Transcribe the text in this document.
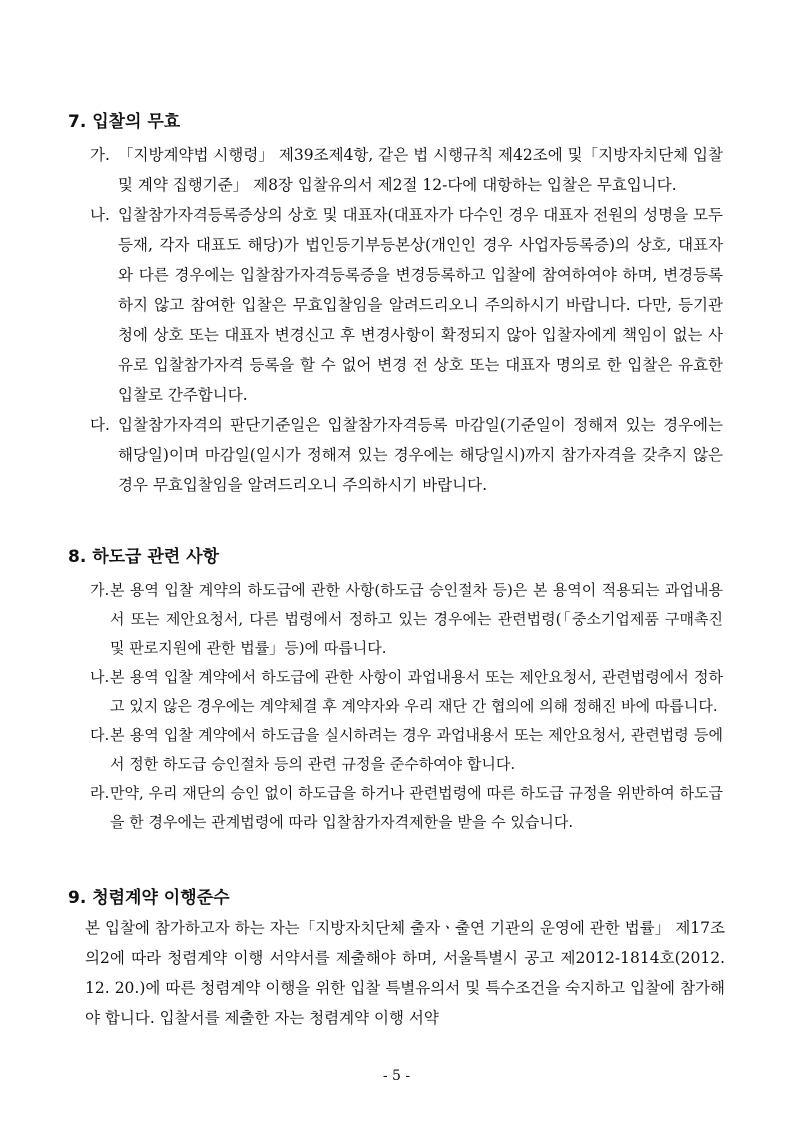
7. 입찰의 무효
가. 「지방계약법 시행령」 제39조제4항, 같은 법 시행규칙 제42조에 및「지방자치단체 입찰 및 계약 집행기준」 제8장 입찰유의서 제2절 12-다에 대항하는 입찰은 무효입니다.
나. 입찰참가자격등록증상의 상호 및 대표자(대표자가 다수인 경우 대표자 전원의 성명을 모두 등재, 각자 대표도 해당)가 법인등기부등본상(개인인 경우 사업자등록증)의 상호, 대표자와 다른 경우에는 입찰참가자격등록증을 변경등록하고 입찰에 참여하여야 하며, 변경등록하지 않고 참여한 입찰은 무효입찰임을 알려드리오니 주의하시기 바랍니다. 다만, 등기관청에 상호 또는 대표자 변경신고 후 변경사항이 확정되지 않아 입찰자에게 책임이 없는 사유로 입찰참가자격 등록을 할 수 없어 변경 전 상호 또는 대표자 명의로 한 입찰은 유효한 입찰로 간주합니다.
다. 입찰참가자격의 판단기준일은 입찰참가자격등록 마감일(기준일이 정해져 있는 경우에는 해당일)이며 마감일(일시가 정해져 있는 경우에는 해당일시)까지 참가자격을 갖추지 않은 경우 무효입찰임을 알려드리오니 주의하시기 바랍니다.
8. 하도급 관련 사항
가. 본 용역 입찰 계약의 하도급에 관한 사항(하도급 승인절차 등)은 본 용역이 적용되는 과업내용서 또는 제안요청서, 다른 법령에서 정하고 있는 경우에는 관련법령(「중소기업제품 구매촉진 및 판로지원에 관한 법률」등)에 따릅니다.
나. 본 용역 입찰 계약에서 하도급에 관한 사항이 과업내용서 또는 제안요청서, 관련법령에서 정하고 있지 않은 경우에는 계약체결 후 계약자와 우리 재단 간 협의에 의해 정해진 바에 따릅니다.
다. 본 용역 입찰 계약에서 하도급을 실시하려는 경우 과업내용서 또는 제안요청서, 관련법령 등에서 정한 하도급 승인절차 등의 관련 규정을 준수하여야 합니다.
라. 만약, 우리 재단의 승인 없이 하도급을 하거나 관련법령에 따른 하도급 규정을 위반하여 하도급을 한 경우에는 관계법령에 따라 입찰참가자격제한을 받을 수 있습니다.
9. 청렴계약 이행준수

본 입찰에 참가하고자 하는 자는「지방자치단체 출자ㆍ출연 기관의 운영에 관한 법률」 제17조의2에 따라 청렴계약 이행 서약서를 제출해야 하며, 서울특별시 공고 제2012-1814호(2012. 12. 20.)에 따른 청렴계약 이행을 위한 입찰 특별유의서 및 특수조건을 숙지하고 입찰에 참가해야 합니다. 입찰서를 제출한 자는 청렴계약 이행 서약

- 5 -
